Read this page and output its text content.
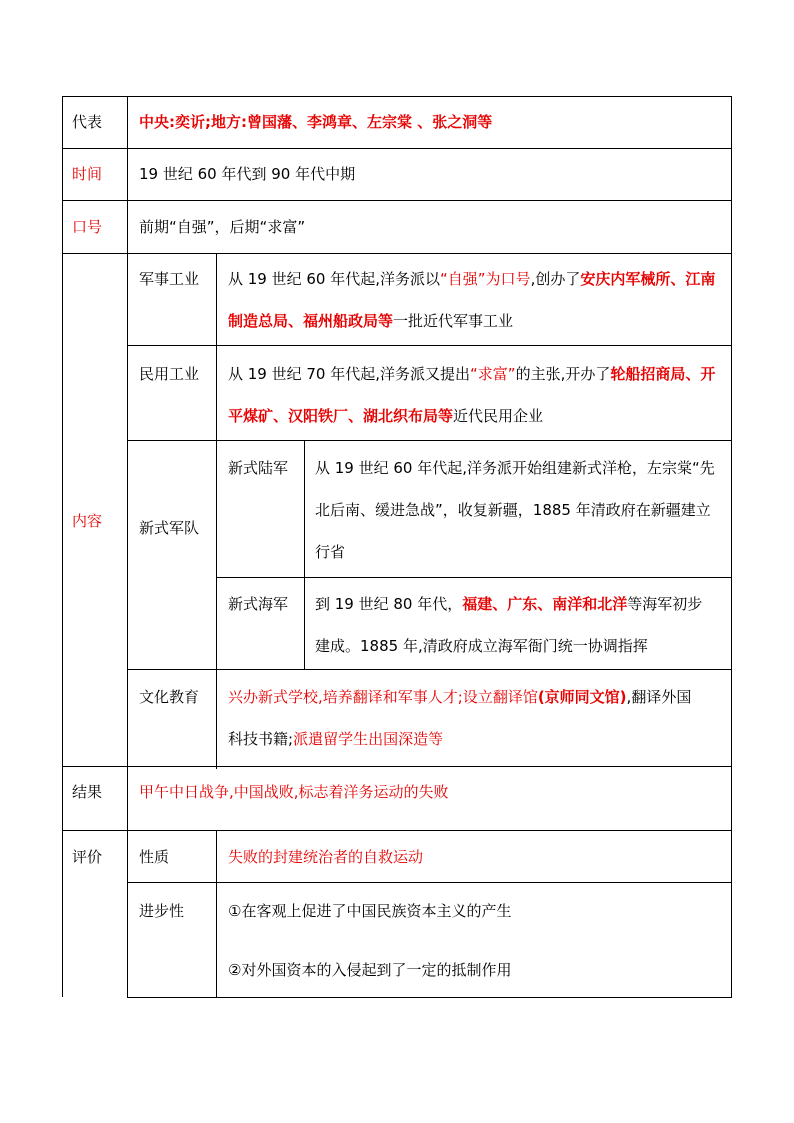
代表 中央:奕䜣;地方:曾国藩、李鸿章、左宗棠 、张之洞等
时间 19 世纪 60 年代到 90 年代中期
口号 前期“自强”，后期“求富”
内容
军事工业 从 19 世纪 60 年代起,洋务派以“自强”为口号,创办了安庆内军械所、江南
制造总局、福州船政局等一批近代军事工业
民用工业 从 19 世纪 70 年代起,洋务派又提出“求富”的主张,开办了轮船招商局、开
平煤矿、汉阳铁厂、湖北织布局等近代民用企业
新式军队
新式陆军 从 19 世纪 60 年代起,洋务派开始组建新式洋枪，左宗棠“先
北后南、缓进急战”，收复新疆，1885 年清政府在新疆建立
行省
新式海军 到 19 世纪 80 年代，福建、广东、南洋和北洋等海军初步
建成。1885 年,清政府成立海军衙门统一协调指挥
文化教育 兴办新式学校,培养翻译和军事人才;设立翻译馆(京师同文馆),翻译外国
科技书籍;派遣留学生出国深造等
结果 甲午中日战争,中国战败,标志着洋务运动的失败
评价 性质	失败的封建统治者的自救运动
进步性	①在客观上促进了中国民族资本主义的产生
②对外国资本的入侵起到了一定的抵制作用
